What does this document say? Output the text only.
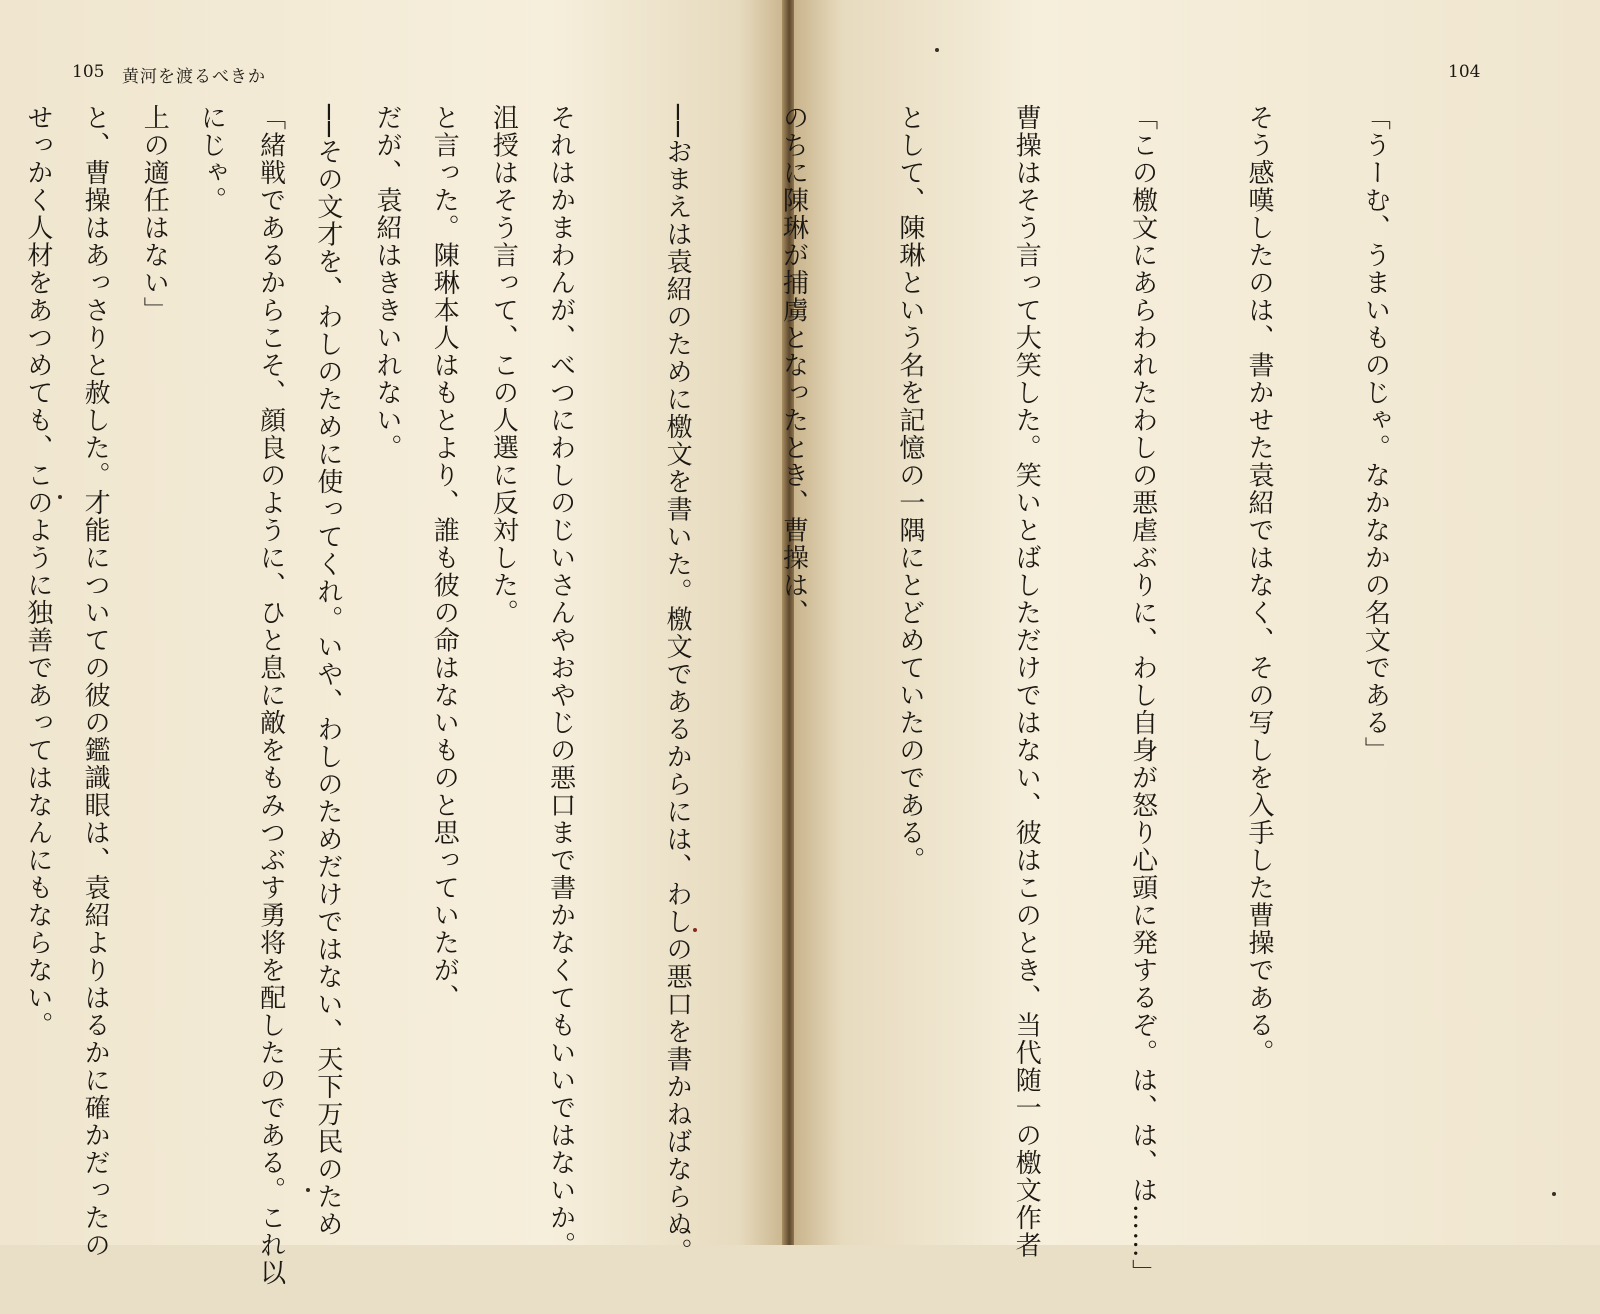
105 黄河を渡るべきか	104

「うーむ、うまいものじゃ。なかなかの名文である」

そう感嘆したのは、書かせた袁紹ではなく、その写しを入手した曹操である。

「この檄文にあらわれたわしの悪虐ぶりに、わし自身が怒り心頭に発するぞ。は、は、は……」

曹操はそう言って大笑した。笑いとばしただけではない、彼はこのとき、当代随一の檄文作者

として、陳琳という名を記憶の一隅にとどめていたのである。

のちに陳琳が捕虜となったとき、曹操は、

──おまえは袁紹のために檄文を書いた。檄文であるからには、わしの悪口を書かねばならぬ。

それはかまわんが、べつにわしのじいさんやおやじの悪口まで書かなくてもいいではないか。

と言った。陳琳本人はもとより、誰も彼の命はないものと思っていたが、

──その文才を、わしのために使ってくれ。いや、わしのためだけではない、天下万民のため

にじゃ。

と、曹操はあっさりと赦した。才能についての彼の鑑識眼は、袁紹よりはるかに確かだったの

	沮授はそう言って、この人選に反対した。

だが、袁紹はききいれない。

「緒戦であるからこそ、顔良のように、ひと息に敵をもみつぶす勇将を配したのである。これ以

上の適任はない」

せっかく人材をあつめても、このように独善であってはなんにもならない。
